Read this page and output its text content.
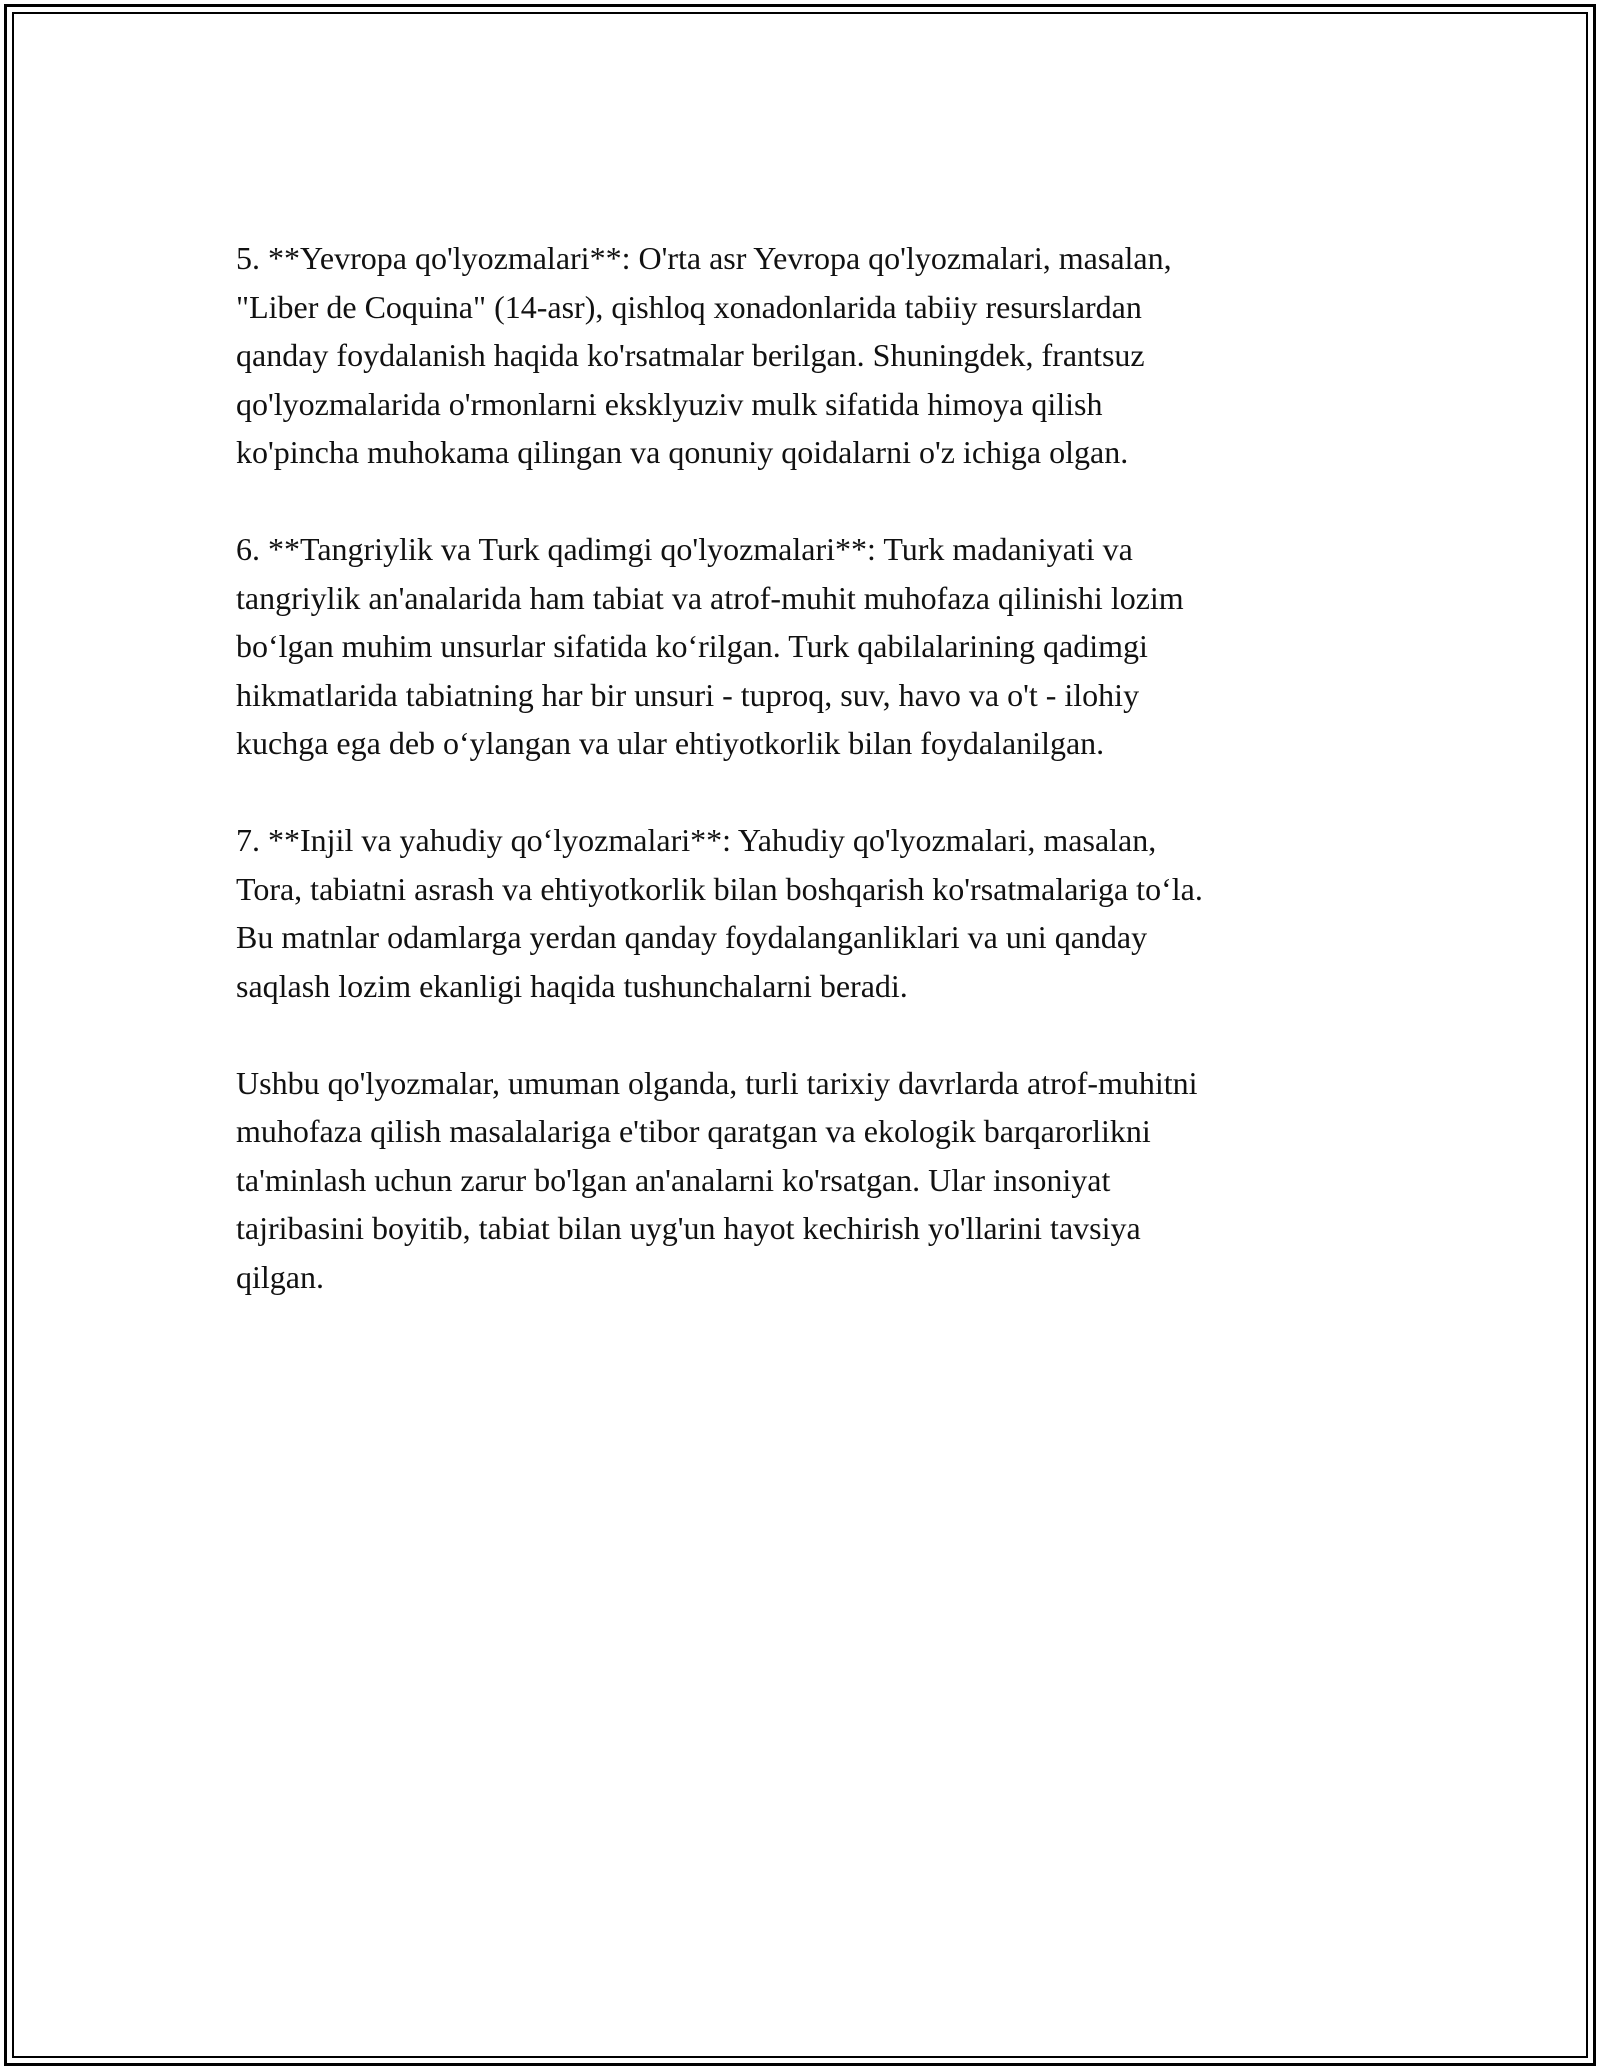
5. **Yevropa qo'lyozmalari**: O'rta asr Yevropa qo'lyozmalari, masalan,
"Liber de Coquina" (14-asr), qishloq xonadonlarida tabiiy resurslardan
qanday foydalanish haqida ko'rsatmalar berilgan. Shuningdek, frantsuz
qo'lyozmalarida o'rmonlarni eksklyuziv mulk sifatida himoya qilish
ko'pincha muhokama qilingan va qonuniy qoidalarni o'z ichiga olgan.

6. **Tangriylik va Turk qadimgi qo'lyozmalari**: Turk madaniyati va
tangriylik an'analarida ham tabiat va atrof-muhit muhofaza qilinishi lozim
bo‘lgan muhim unsurlar sifatida ko‘rilgan. Turk qabilalarining qadimgi
hikmatlarida tabiatning har bir unsuri - tuproq, suv, havo va o't - ilohiy
kuchga ega deb o‘ylangan va ular ehtiyotkorlik bilan foydalanilgan.

7. **Injil va yahudiy qo‘lyozmalari**: Yahudiy qo'lyozmalari, masalan,
Tora, tabiatni asrash va ehtiyotkorlik bilan boshqarish ko'rsatmalariga to‘la.
Bu matnlar odamlarga yerdan qanday foydalanganliklari va uni qanday
saqlash lozim ekanligi haqida tushunchalarni beradi.

Ushbu qo'lyozmalar, umuman olganda, turli tarixiy davrlarda atrof-muhitni
muhofaza qilish masalalariga e'tibor qaratgan va ekologik barqarorlikni
ta'minlash uchun zarur bo'lgan an'analarni ko'rsatgan. Ular insoniyat
tajribasini boyitib, tabiat bilan uyg'un hayot kechirish yo'llarini tavsiya
qilgan.
